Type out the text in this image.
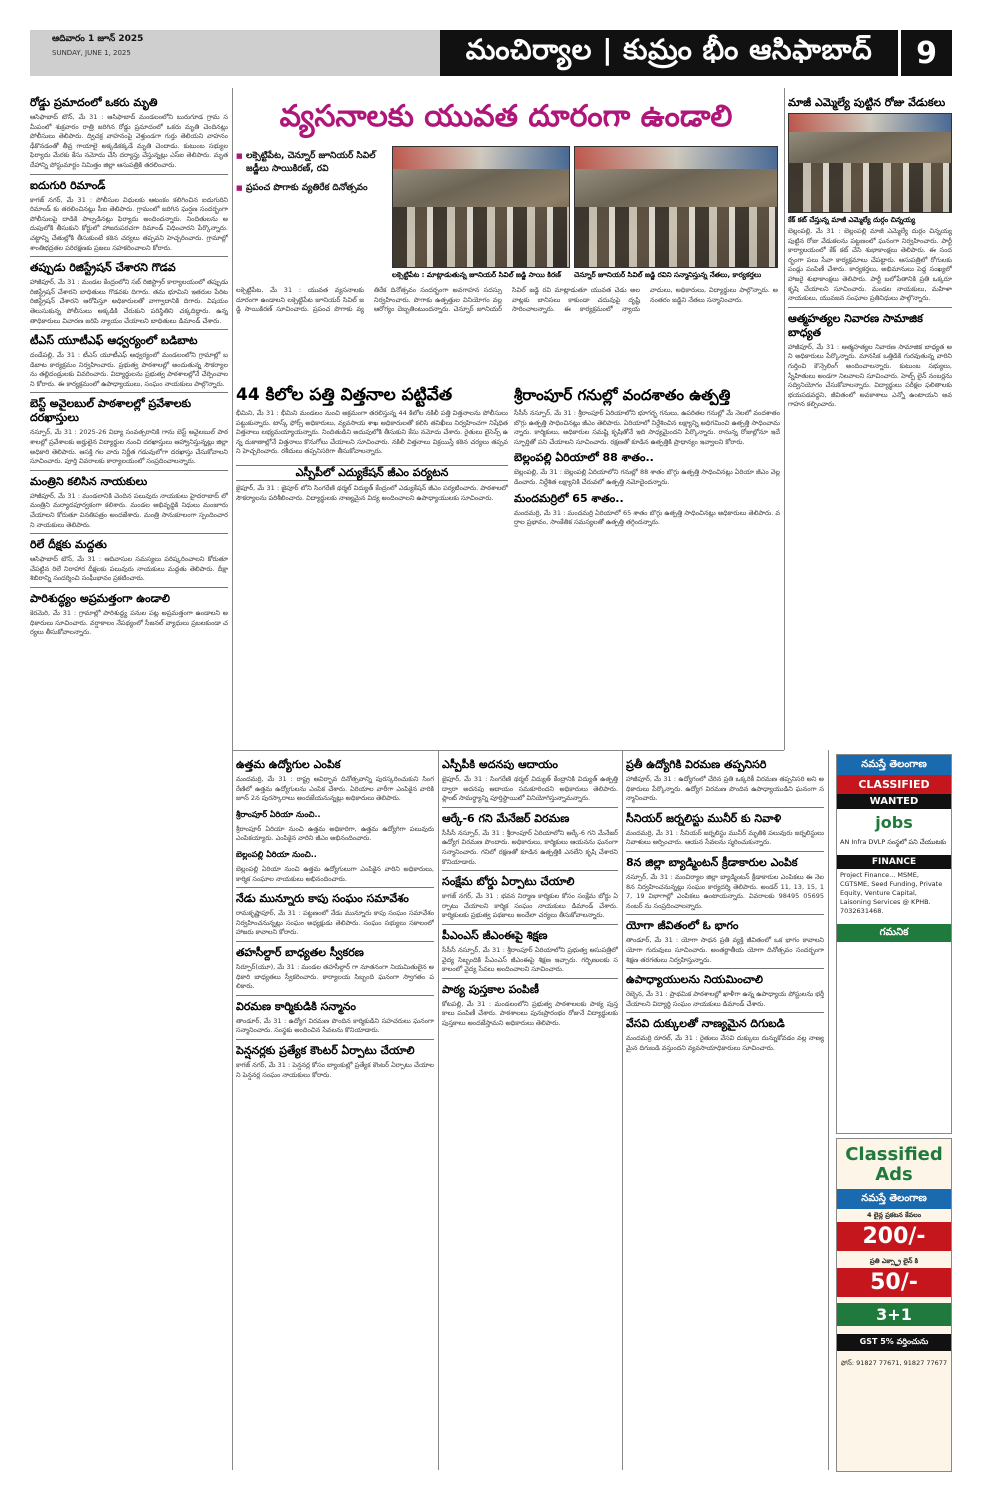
ఆదివారం 1 జూన్ 2025
SUNDAY, JUNE 1, 2025	మంచిర్యాల | కుమ్రం భీం ఆసిఫాబాద్	9
రోడ్డు ప్రమాదంలో ఒకరు మృతి
ఆసిఫాబాద్ టౌన్, మే 31 : ఆసిఫాబాద్ మండలంలోని బురుగూడ గ్రామ సమీపంలో శుక్రవారం రాత్రి జరిగిన రోడ్డు ప్రమాదంలో ఒకరు మృతి చెందినట్లు పోలీసులు తెలిపారు. ద్విచక్ర వాహనంపై వెళ్తుండగా గుర్తు తెలియని వాహనం ఢీకొనడంతో తీవ్ర గాయాలై అక్కడికక్కడే మృతి చెందాడు. కుటుంబ సభ్యుల ఫిర్యాదు మేరకు కేసు నమోదు చేసి దర్యాప్తు చేస్తున్నట్లు ఎస్ఐ తెలిపారు. మృతదేహాన్ని పోస్టుమార్టం నిమిత్తం జిల్లా ఆసుపత్రికి తరలించారు.
ఐదుగురి రిమాండ్
కాగజ్ నగర్, మే 31 : పోలీసుల విధులకు ఆటంకం కలిగించిన ఐదుగురిని రిమాండ్ కు తరలించినట్లు సీఐ తెలిపారు. గ్రామంలో జరిగిన ఘర్షణ సందర్భంగా పోలీసులపై దాడికి పాల్పడినట్లు ఫిర్యాదు అందిందన్నారు. నిందితులను అదుపులోకి తీసుకుని కోర్టులో హాజరుపరచగా రిమాండ్ విధించారని పేర్కొన్నారు. చట్టాన్ని చేతుల్లోకి తీసుకుంటే కఠిన చర్యలు తప్పవని హెచ్చరించారు. గ్రామాల్లో శాంతిభద్రతల పరిరక్షణకు ప్రజలు సహకరించాలని కోరారు.
తప్పుడు రిజిస్ట్రేషన్ చేశారని గొడవ
హాజీపూర్, మే 31 : మండల కేంద్రంలోని సబ్ రిజిస్ట్రార్ కార్యాలయంలో తప్పుడు రిజిస్ట్రేషన్ చేశారని బాధితులు గొడవకు దిగారు. తమ భూమిని ఇతరుల పేరిట రిజిస్ట్రేషన్ చేశారని ఆరోపిస్తూ అధికారులతో వాగ్వాదానికి దిగారు. విషయం తెలుసుకున్న పోలీసులు అక్కడికి చేరుకుని పరిస్థితిని చక్కదిద్దారు. ఉన్నతాధికారులు విచారణ జరిపి న్యాయం చేయాలని బాధితులు డిమాండ్ చేశారు.
టీఎస్ యూటీఎఫ్ ఆధ్వర్యంలో బడిబాట
దండేపల్లి, మే 31 : టీఎస్ యూటీఎఫ్ ఆధ్వర్యంలో మండలంలోని గ్రామాల్లో బడిబాట కార్యక్రమం నిర్వహించారు. ప్రభుత్వ పాఠశాలల్లో అందుతున్న సౌకర్యాలను తల్లిదండ్రులకు వివరించారు. విద్యార్థులను ప్రభుత్వ పాఠశాలల్లోనే చేర్పించాలని కోరారు. ఈ కార్యక్రమంలో ఉపాధ్యాయులు, సంఘం నాయకులు పాల్గొన్నారు.
బెస్ట్ అవైలబుల్ పాఠశాలల్లో ప్రవేశాలకు దరఖాస్తులు
నస్పూర్, మే 31 : 2025-26 విద్యా సంవత్సరానికి గాను బెస్ట్ అవైలబుల్ పాఠశాలల్లో ప్రవేశాలకు అర్హులైన విద్యార్థుల నుంచి దరఖాస్తులు ఆహ్వానిస్తున్నట్లు జిల్లా అధికారి తెలిపారు. ఆసక్తి గల వారు నిర్ణీత గడువులోగా దరఖాస్తు చేసుకోవాలని సూచించారు. పూర్తి వివరాలకు కార్యాలయంలో సంప్రదించాలన్నారు.
మంత్రిని కలిసిన నాయకులు
హాజీపూర్, మే 31 : మండలానికి చెందిన పలువురు నాయకులు హైదరాబాద్ లో మంత్రిని మర్యాదపూర్వకంగా కలిశారు. మండల అభివృద్ధికి నిధులు మంజూరు చేయాలని కోరుతూ వినతిపత్రం అందజేశారు. మంత్రి సానుకూలంగా స్పందించారని నాయకులు తెలిపారు.
రిలే దీక్షకు మద్దతు
ఆసిఫాబాద్ టౌన్, మే 31 : ఆదివాసుల సమస్యలు పరిష్కరించాలని కోరుతూ చేపట్టిన రిలే నిరాహార దీక్షలకు పలువురు నాయకులు మద్దతు తెలిపారు. దీక్షా శిబిరాన్ని సందర్శించి సంఘీభావం ప్రకటించారు.
పారిశుద్ధ్యం అప్రమత్తంగా ఉండాలి
కెరమెరి, మే 31 : గ్రామాల్లో పారిశుద్ధ్య పనుల పట్ల అప్రమత్తంగా ఉండాలని అధికారులు సూచించారు. వర్షాకాలం నేపథ్యంలో సీజనల్ వ్యాధులు ప్రబలకుండా చర్యలు తీసుకోవాలన్నారు.
వ్యసనాలకు యువత దూరంగా ఉండాలి
■ లక్సెట్టిపేట, చెన్నూర్ జూనియర్ సివిల్ జడ్జీలు సాయికిరణ్, రవి
■ ప్రపంచ పొగాకు వ్యతిరేక దినోత్సవం
లక్సెట్టిపేట : మాట్లాడుతున్న జూనియర్ సివిల్ జడ్జి సాయి కిరణ్	చెన్నూర్ జూనియర్ సివిల్ జడ్జి రవిని సన్మానిస్తున్న నేతలు, కార్యకర్తలు
లక్సెట్టిపేట, మే 31 : యువత వ్యసనాలకు దూరంగా ఉండాలని లక్సెట్టిపేట జూనియర్ సివిల్ జడ్జి సాయికిరణ్ సూచించారు. ప్రపంచ పొగాకు వ్యతిరేక దినోత్సవం సందర్భంగా అవగాహన సదస్సు నిర్వహించారు. పొగాకు ఉత్పత్తుల వినియోగం వల్ల ఆరోగ్యం దెబ్బతింటుందన్నారు. చెన్నూర్ జూనియర్ సివిల్ జడ్జి రవి మాట్లాడుతూ యువత చెడు అలవాట్లకు బానిసలు కాకుండా చదువుపై దృష్టి సారించాలన్నారు. ఈ కార్యక్రమంలో న్యాయవాదులు, అధికారులు, విద్యార్థులు పాల్గొన్నారు. అనంతరం జడ్జిని నేతలు సన్మానించారు.
మాజీ ఎమ్మెల్యే పుట్టిన రోజు వేడుకలు
కేక్ కట్ చేస్తున్న మాజీ ఎమ్మెల్యే దుర్గం చిన్నయ్య
బెల్లంపల్లి, మే 31 : బెల్లంపల్లి మాజీ ఎమ్మెల్యే దుర్గం చిన్నయ్య పుట్టిన రోజు వేడుకలను పట్టణంలో ఘనంగా నిర్వహించారు. పార్టీ కార్యాలయంలో కేక్ కట్ చేసి శుభాకాంక్షలు తెలిపారు. ఈ సందర్భంగా పలు సేవా కార్యక్రమాలు చేపట్టారు. ఆసుపత్రిలో రోగులకు పండ్లు పంపిణీ చేశారు. కార్యకర్తలు, అభిమానులు పెద్ద సంఖ్యలో హాజరై శుభాకాంక్షలు తెలిపారు. పార్టీ బలోపేతానికి ప్రతి ఒక్కరూ కృషి చేయాలని సూచించారు. మండల నాయకులు, మహిళా నాయకులు, యువజన సంఘాల ప్రతినిధులు పాల్గొన్నారు.
ఆత్మహత్యల నివారణ సామాజిక బాధ్యత
హాజీపూర్, మే 31 : ఆత్మహత్యల నివారణ సామాజిక బాధ్యత అని అధికారులు పేర్కొన్నారు. మానసిక ఒత్తిడికి గురవుతున్న వారిని గుర్తించి కౌన్సెలింగ్ అందించాలన్నారు. కుటుంబ సభ్యులు, స్నేహితులు అండగా నిలవాలని సూచించారు. హెల్ప్ లైన్ నంబర్లను సద్వినియోగం చేసుకోవాలన్నారు. విద్యార్థులు పరీక్షల ఫలితాలకు భయపడవద్దని, జీవితంలో అవకాశాలు ఎన్నో ఉంటాయని అవగాహన కల్పించారు.
44 కిలోల పత్తి విత్తనాల పట్టివేత
భీమిని, మే 31 : భీమిని మండలం నుంచి అక్రమంగా తరలిస్తున్న 44 కిలోల నకిలీ పత్తి విత్తనాలను పోలీసులు పట్టుకున్నారు. టాస్క్ ఫోర్స్ అధికారులు, వ్యవసాయ శాఖ అధికారులతో కలిసి తనిఖీలు నిర్వహించగా నిషేధిత విత్తనాలు లభ్యమయ్యాయన్నారు. నిందితుడిని అదుపులోకి తీసుకుని కేసు నమోదు చేశారు. రైతులు లైసెన్స్ ఉన్న దుకాణాల్లోనే విత్తనాలు కొనుగోలు చేయాలని సూచించారు. నకిలీ విత్తనాలు విక్రయిస్తే కఠిన చర్యలు తప్పవని హెచ్చరించారు. రశీదులు తప్పనిసరిగా తీసుకోవాలన్నారు.
ఎస్పీపీలో ఎద్యుకేషన్ జీఎం పర్యటన
జైపూర్, మే 31 : జైపూర్ లోని సింగరేణి థర్మల్ విద్యుత్ కేంద్రంలో ఎడ్యుకేషన్ జీఎం పర్యటించారు. పాఠశాలలో సౌకర్యాలను పరిశీలించారు. విద్యార్థులకు నాణ్యమైన విద్య అందించాలని ఉపాధ్యాయులకు సూచించారు.
శ్రీరాంపూర్ గనుల్లో వందశాతం ఉత్పత్తి
సీసీసీ నస్పూర్, మే 31 : శ్రీరాంపూర్ ఏరియాలోని భూగర్భ గనులు, ఉపరితల గనుల్లో మే నెలలో వందశాతం బొగ్గు ఉత్పత్తి సాధించినట్లు జీఎం తెలిపారు. ఏరియాలో నిర్దేశించిన లక్ష్యాన్ని అధిగమించి ఉత్పత్తి సాధించామన్నారు. కార్మికులు, అధికారుల సమష్టి కృషితోనే ఇది సాధ్యమైందని పేర్కొన్నారు. రానున్న రోజుల్లోనూ ఇదే స్ఫూర్తితో పని చేయాలని సూచించారు. రక్షణతో కూడిన ఉత్పత్తికి ప్రాధాన్యం ఇవ్వాలని కోరారు.
బెల్లంపల్లి ఏరియాలో 88 శాతం..
బెల్లంపల్లి, మే 31 : బెల్లంపల్లి ఏరియాలోని గనుల్లో 88 శాతం బొగ్గు ఉత్పత్తి సాధించినట్లు ఏరియా జీఎం వెల్లడించారు. నిర్దేశిత లక్ష్యానికి చేరువలో ఉత్పత్తి నమోదైందన్నారు.
మందమర్రిలో 65 శాతం..
మందమర్రి, మే 31 : మందమర్రి ఏరియాలో 65 శాతం బొగ్గు ఉత్పత్తి సాధించినట్లు అధికారులు తెలిపారు. వర్షాల ప్రభావం, సాంకేతిక సమస్యలతో ఉత్పత్తి తగ్గిందన్నారు.
ఉత్తమ ఉద్యోగుల ఎంపిక
మందమర్రి, మే 31 : రాష్ట్ర ఆవిర్భావ దినోత్సవాన్ని పురస్కరించుకుని సింగరేణిలో ఉత్తమ ఉద్యోగులను ఎంపిక చేశారు. ఏరియాల వారీగా ఎంపికైన వారికి జూన్ 2న పురస్కారాలు అందజేయనున్నట్లు అధికారులు తెలిపారు.
శ్రీరాంపూర్ ఏరియా నుంచి..
శ్రీరాంపూర్ ఏరియా నుంచి ఉత్తమ అధికారిగా, ఉత్తమ ఉద్యోగిగా పలువురు ఎంపికయ్యారు. ఎంపికైన వారిని జీఎం అభినందించారు.
బెల్లంపల్లి ఏరియా నుంచి..
బెల్లంపల్లి ఏరియా నుంచి ఉత్తమ ఉద్యోగులుగా ఎంపికైన వారిని అధికారులు, కార్మిక సంఘాల నాయకులు అభినందించారు.
నేడు మున్నూరు కాపు సంఘం సమావేశం
రామకృష్ణాపూర్, మే 31 : పట్టణంలో నేడు మున్నూరు కాపు సంఘం సమావేశం నిర్వహించనున్నట్లు సంఘం అధ్యక్షుడు తెలిపారు. సంఘం సభ్యులు సకాలంలో హాజరు కావాలని కోరారు.
తహసీల్దార్ బాధ్యతల స్వీకరణ
సిర్పూర్(యూ), మే 31 : మండల తహసీల్దార్ గా నూతనంగా నియమితులైన అధికారి బాధ్యతలు స్వీకరించారు. కార్యాలయ సిబ్బంది ఘనంగా స్వాగతం పలికారు.
విరమణ కార్మికుడికి సన్మానం
తాండూర్, మే 31 : ఉద్యోగ విరమణ పొందిన కార్మికుడిని సహచరులు ఘనంగా సన్మానించారు. సంస్థకు అందించిన సేవలను కొనియాడారు.
పెన్షనర్లకు ప్రత్యేక కౌంటర్ ఏర్పాటు చేయాలి
కాగజ్ నగర్, మే 31 : పెన్షనర్ల కోసం బ్యాంకుల్లో ప్రత్యేక కౌంటర్ ఏర్పాటు చేయాలని పెన్షనర్ల సంఘం నాయకులు కోరారు.
ఎస్పీపీకి అదనపు ఆదాయం
జైపూర్, మే 31 : సింగరేణి థర్మల్ విద్యుత్ కేంద్రానికి విద్యుత్ ఉత్పత్తి ద్వారా అదనపు ఆదాయం సమకూరిందని అధికారులు తెలిపారు. ప్లాంట్ సామర్థ్యాన్ని పూర్తిస్థాయిలో వినియోగిస్తున్నామన్నారు.
ఆర్కే-6 గని మేనేజర్ విరమణ
సీసీసీ నస్పూర్, మే 31 : శ్రీరాంపూర్ ఏరియాలోని ఆర్కే-6 గని మేనేజర్ ఉద్యోగ విరమణ పొందారు. అధికారులు, కార్మికులు ఆయనను ఘనంగా సన్మానించారు. గనిలో రక్షణతో కూడిన ఉత్పత్తికి ఎనలేని కృషి చేశారని కొనియాడారు.
సంక్షేమ బోర్డు ఏర్పాటు చేయాలి
కాగజ్ నగర్, మే 31 : భవన నిర్మాణ కార్మికుల కోసం సంక్షేమ బోర్డు ఏర్పాటు చేయాలని కార్మిక సంఘం నాయకులు డిమాండ్ చేశారు. కార్మికులకు ప్రభుత్వ పథకాలు అందేలా చర్యలు తీసుకోవాలన్నారు.
పీఎంఎస్ జీఎంఈపై శిక్షణ
సీసీసీ నస్పూర్, మే 31 : శ్రీరాంపూర్ ఏరియాలోని ప్రభుత్వ ఆసుపత్రిలో వైద్య సిబ్బందికి పీఎంఎస్ జీఎంఈపై శిక్షణ ఇచ్చారు. గర్భిణులకు సకాలంలో వైద్య సేవలు అందించాలని సూచించారు.
పాఠ్య పుస్తకాల పంపిణీ
కోటపల్లి, మే 31 : మండలంలోని ప్రభుత్వ పాఠశాలలకు పాఠ్య పుస్తకాలు పంపిణీ చేశారు. పాఠశాలలు పునఃప్రారంభం రోజునే విద్యార్థులకు పుస్తకాలు అందజేస్తామని అధికారులు తెలిపారు.
ప్రతీ ఉద్యోగికి విరమణ తప్పనిసరి
హాజీపూర్, మే 31 : ఉద్యోగంలో చేరిన ప్రతి ఒక్కరికీ విరమణ తప్పనిసరి అని అధికారులు పేర్కొన్నారు. ఉద్యోగ విరమణ పొందిన ఉపాధ్యాయుడిని ఘనంగా సన్మానించారు.
సీనియర్ జర్నలిస్టు మునీర్ కు నివాళి
మందమర్రి, మే 31 : సీనియర్ జర్నలిస్టు మునీర్ మృతికి పలువురు జర్నలిస్టులు నివాళులు అర్పించారు. ఆయన సేవలను స్మరించుకున్నారు.
8న జిల్లా బ్యాడ్మింటన్ క్రీడాకారుల ఎంపిక
నస్పూర్, మే 31 : మంచిర్యాల జిల్లా బ్యాడ్మింటన్ క్రీడాకారుల ఎంపికలు ఈ నెల 8న నిర్వహించనున్నట్లు సంఘం కార్యదర్శి తెలిపారు. అండర్ 11, 13, 15, 17, 19 విభాగాల్లో ఎంపికలు ఉంటాయన్నారు. వివరాలకు 98495 05695 నంబర్ ను సంప్రదించాలన్నారు.
యోగా జీవితంలో ఓ భాగం
తాండూర్, మే 31 : యోగా సాధన ప్రతి వ్యక్తి జీవితంలో ఒక భాగం కావాలని యోగా గురువులు సూచించారు. అంతర్జాతీయ యోగా దినోత్సవం సందర్భంగా శిక్షణ తరగతులు నిర్వహిస్తున్నారు.
ఉపాధ్యాయులను నియమించాలి
రెబ్బెన, మే 31 : ప్రాథమిక పాఠశాలల్లో ఖాళీగా ఉన్న ఉపాధ్యాయ పోస్టులను భర్తీ చేయాలని విద్యార్థి సంఘం నాయకులు డిమాండ్ చేశారు.
వేసవి దుక్కులతో నాణ్యమైన దిగుబడి
మందమర్రి రూరల్, మే 31 : రైతులు వేసవి దుక్కులు దున్నుకోవడం వల్ల నాణ్యమైన దిగుబడి వస్తుందని వ్యవసాయాధికారులు సూచించారు.
నమస్తే తెలంగాణ
CLASSIFIED
WANTED
jobs
AN Infra DVLP సంస్థలో పని చేయుటకు
FINANCE
Project Finance... MSME, CGTSME, Seed Funding, Private Equity, Venture Capital, Laisoning Services @ KPHB. 7032631468.
గమనిక
Classified Ads
నమస్తే తెలంగాణ
4 లైన్ల ప్రకటన కేవలం
200/-
ప్రతి ఎక్స్ట్రా లైన్ కి
50/-
3+1
GST 5% వర్తించును
ఫోన్: 91827 77671, 91827 77677
